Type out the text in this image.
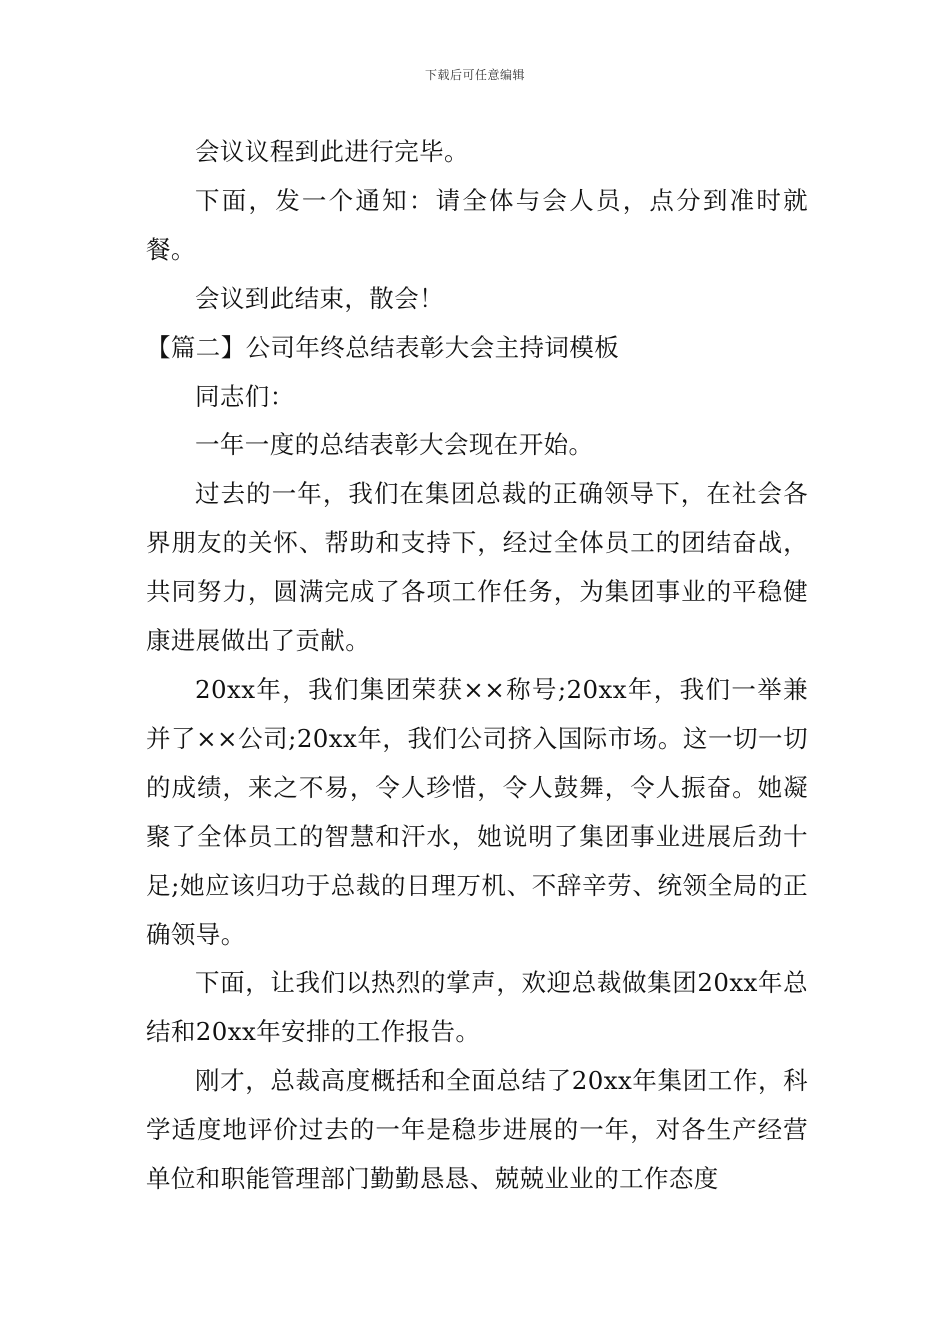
下载后可任意编辑

会议议程到此进行完毕。

下面，发一个通知：请全体与会人员，点分到准时就餐。

会议到此结束，散会！

【篇二】公司年终总结表彰大会主持词模板

同志们：

一年一度的总结表彰大会现在开始。

过去的一年，我们在集团总裁的正确领导下，在社会各界朋友的关怀、帮助和支持下，经过全体员工的团结奋战，共同努力，圆满完成了各项工作任务，为集团事业的平稳健康进展做出了贡献。

20xx年，我们集团荣获××称号;20xx年，我们一举兼并了××公司;20xx年，我们公司挤入国际市场。这一切一切的成绩，来之不易，令人珍惜，令人鼓舞，令人振奋。她凝聚了全体员工的智慧和汗水，她说明了集团事业进展后劲十足;她应该归功于总裁的日理万机、不辞辛劳、统领全局的正确领导。

下面，让我们以热烈的掌声，欢迎总裁做集团20xx年总结和20xx年安排的工作报告。

刚才，总裁高度概括和全面总结了20xx年集团工作，科学适度地评价过去的一年是稳步进展的一年，对各生产经营单位和职能管理部门勤勤恳恳、兢兢业业的工作态度
